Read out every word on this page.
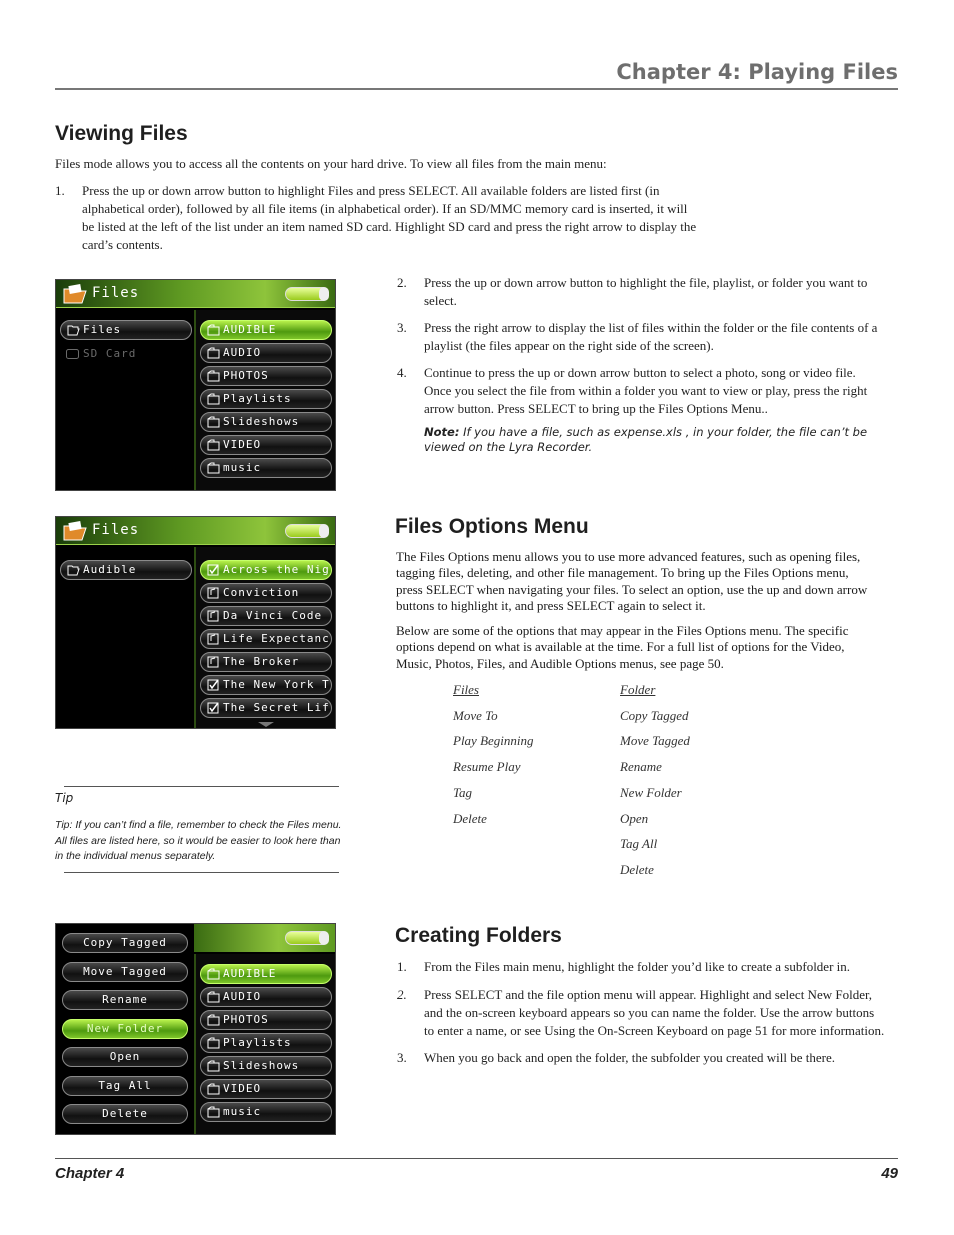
Chapter 4: Playing Files
Viewing Files

Files mode allows you to access all the contents on your hard drive. To view all files from the main menu:

1. Press the up or down arrow button to highlight Files and press SELECT. All available folders are listed first (in
alphabetical order), followed by all file items (in alphabetical order). If an SD/MMC memory card is inserted, it will
be listed at the left of the list under an item named SD card. Highlight SD card and press the right arrow to display the
card’s contents.
2. Press the up or down arrow button to highlight the file, playlist, or folder you want to
select.
3. Press the right arrow to display the list of files within the folder or the file contents of a
playlist (the files appear on the right side of the screen).
4. Continue to press the up or down arrow button to select a photo, song or video file.
Once you select the file from within a folder you want to view or play, press the right
arrow button. Press SELECT to bring up the Files Options Menu..
Note: If you have a file, such as expense.xls , in your folder, the file can’t be
viewed on the Lyra Recorder.
Files
Files
SD Card
AUDIBLE
AUDIO
PHOTOS
Playlists
Slideshows
VIDEO
music
Files
Audible	Across the Nig
Conviction
Da Vinci Code
Life Expectanc
The Broker
The New York T
The Secret Lif
Files Options Menu
The Files Options menu allows you to use more advanced features, such as opening files,
tagging files, deleting, and other file management. To bring up the Files Options menu,
press SELECT when navigating your files. To select an option, use the up and down arrow
buttons to highlight it, and press SELECT again to select it.
Below are some of the options that may appear in the Files Options menu. The specific
options depend on what is available at the time. For a full list of options for the Video,
Music, Photos, Files, and Audible Options menus, see page 50.
Files
Move To
Play Beginning
Resume Play
Tag
Delete
Folder
Copy Tagged
Move Tagged
Rename
New Folder
Open
Tag All
Delete
Tip
Tip: If you can’t find a file, remember to check the Files menu.
All files are listed here, so it would be easier to look here than
in the individual menus separately.
Copy Tagged
Move Tagged
Rename
New Folder
Open
Tag All
Delete
AUDIBLE
AUDIO
PHOTOS
Playlists
Slideshows
VIDEO
music
Creating Folders
1. From the Files main menu, highlight the folder you’d like to create a subfolder in.
2. Press SELECT and the file option menu will appear. Highlight and select New Folder,
and the on-screen keyboard appears so you can name the folder. Use the arrow buttons
to enter a name, or see Using the On-Screen Keyboard on page 51 for more information.
3. When you go back and open the folder, the subfolder you created will be there.
Chapter 4	49
